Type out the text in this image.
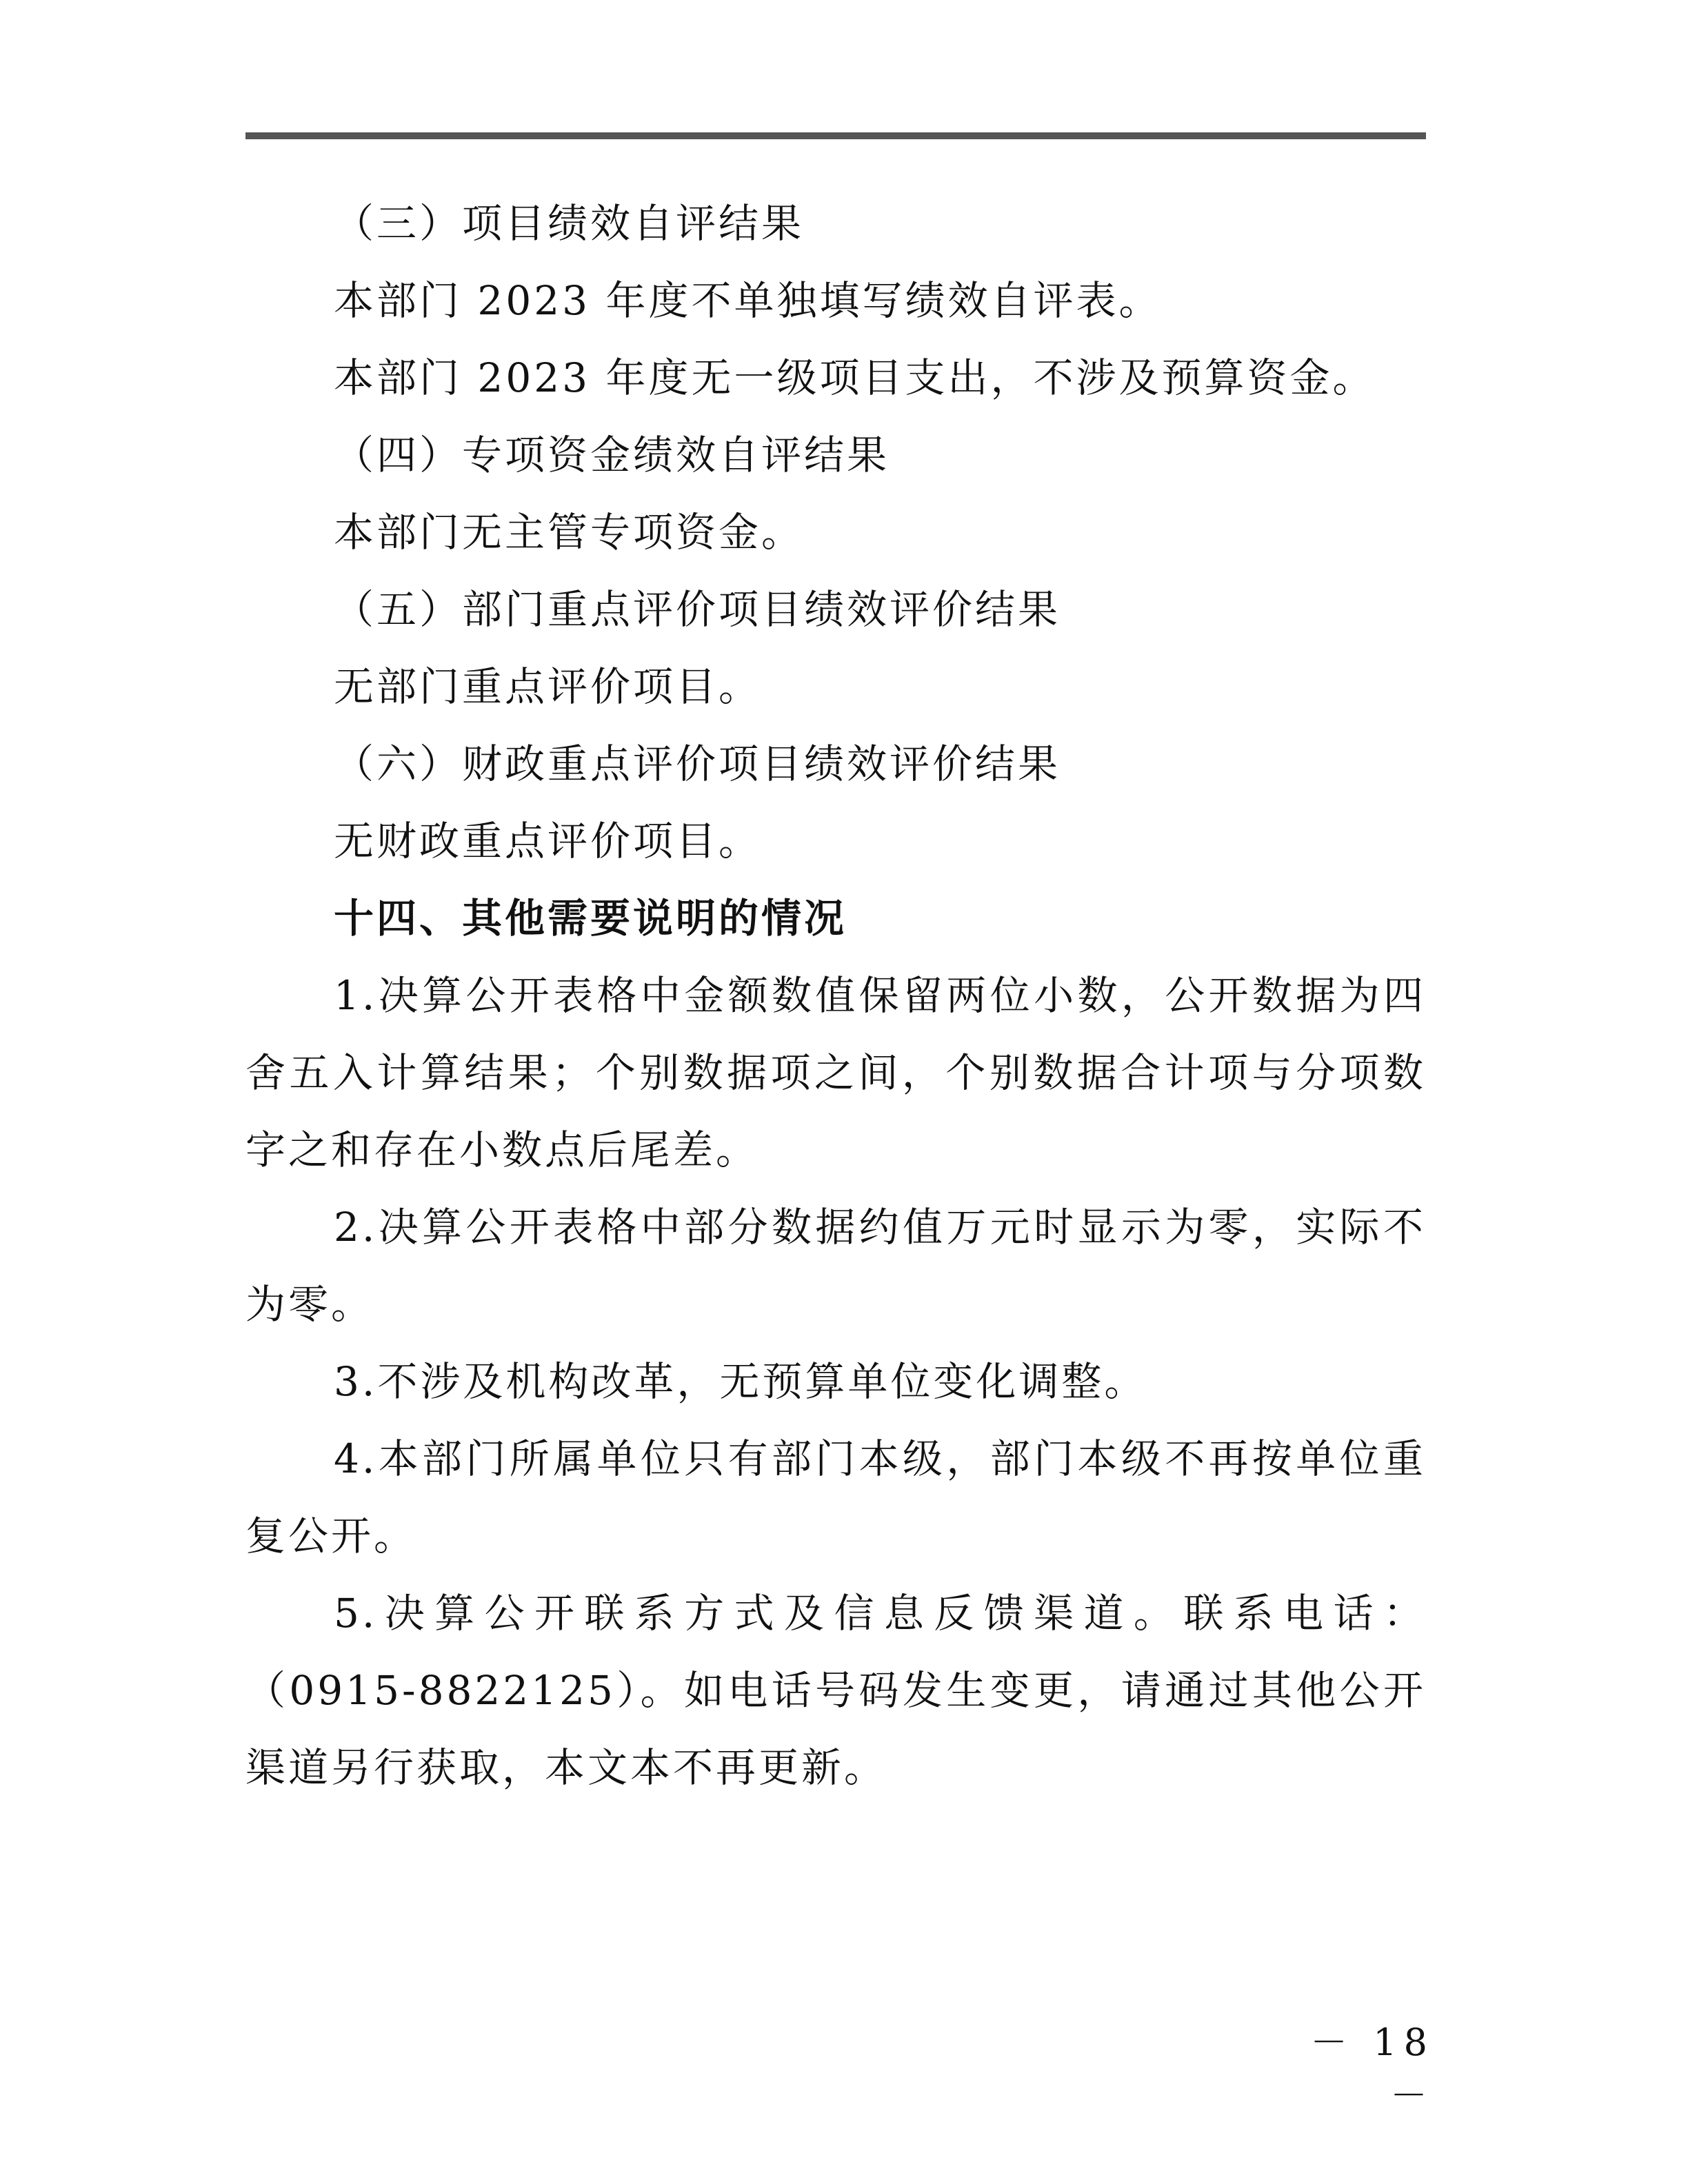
（三）项目绩效自评结果

本部门 2023 年度不单独填写绩效自评表。

本部门 2023 年度无一级项目支出，不涉及预算资金。

（四）专项资金绩效自评结果

本部门无主管专项资金。

（五）部门重点评价项目绩效评价结果

无部门重点评价项目。

（六）财政重点评价项目绩效评价结果

无财政重点评价项目。

十四、其他需要说明的情况

1.决算公开表格中金额数值保留两位小数，公开数据为四舍五入计算结果；个别数据项之间，个别数据合计项与分项数字之和存在小数点后尾差。

2.决算公开表格中部分数据约值万元时显示为零，实际不为零。

3.不涉及机构改革，无预算单位变化调整。

4.本部门所属单位只有部门本级，部门本级不再按单位重复公开。

5.决算公开联系方式及信息反馈渠道。联系电话：（0915-8822125）。如电话号码发生变更，请通过其他公开渠道另行获取，本文本不再更新。

－ 18 －
